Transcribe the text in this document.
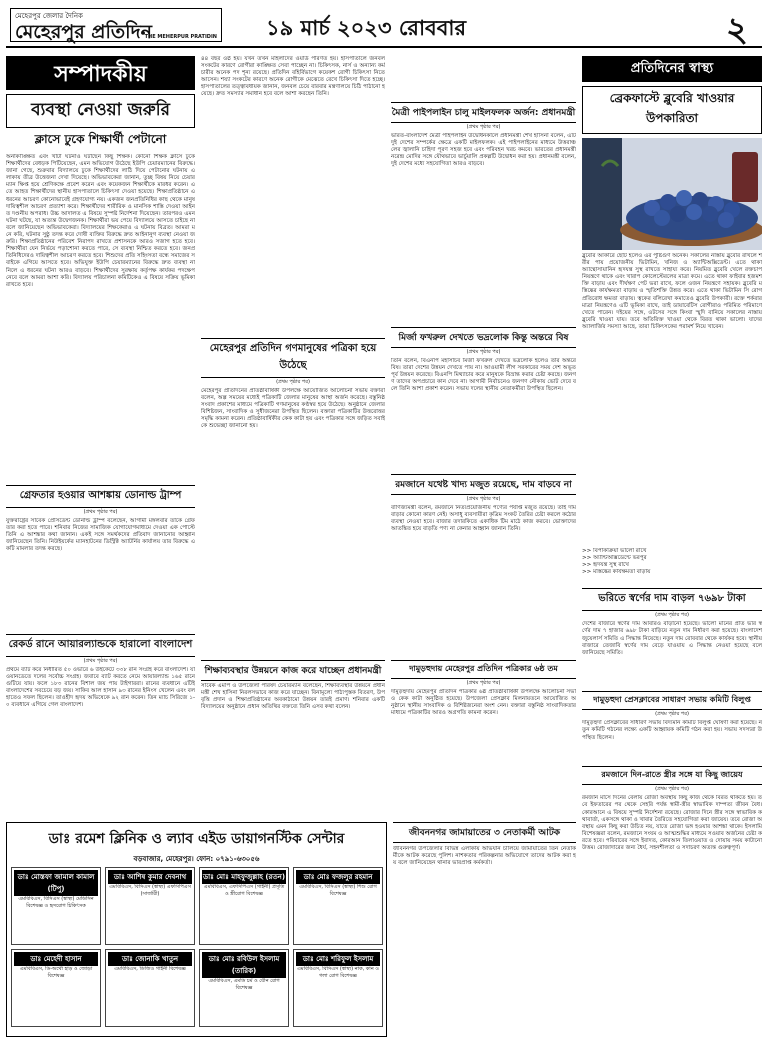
মেহেরপুর জেলার দৈনিক
মেহেরপুর প্রতিদিন
THE MEHERPUR PRATIDIN ১৯ মার্চ ২০২৩ রোববার	২
সম্পাদকীয়
ব্যবস্থা নেওয়া জরুরি
ক্লাসে ঢুকে শিক্ষার্থী পেটানো
অনাকাঙ্ক্ষিত এবং খাঁটা ঘটনাও ঘটাছেন কিছু শিক্ষক। কোনো শিক্ষক ক্লাসে ঢুকে শিক্ষার্থীদের বেধড়ক পিটিয়েছেন, এমন অভিযোগ উঠেছে ইউপি চেয়ারম্যানের বিরুদ্ধে। জানা গেছে, শুক্রবার বিদ্যালয়ে ঢুকে শিক্ষার্থীদের লাঠি দিয়ে পেটানোর ঘটনায় এলাকায় তীব্র উত্তেজনা দেখা দিয়েছে। অভিভাবকেরা জানান, তুচ্ছ বিষয় নিয়ে চেয়ারম্যান ক্ষিপ্ত হয়ে শ্রেণিকক্ষে প্রবেশ করেন এবং কয়েকজন শিক্ষার্থীকে মারধর করেন। এতে আহত শিক্ষার্থীদের স্থানীয় হাসপাতালে চিকিৎসা দেওয়া হয়েছে। শিক্ষাপ্রতিষ্ঠানে এ ধরনের আচরণ কোনোভাবেই গ্রহণযোগ্য নয়। একজন জনপ্রতিনিধির কাছ থেকে মানুষ দায়িত্বশীল আচরণ প্রত্যাশা করে। শিক্ষার্থীদের শারীরিক ও মানসিক শাস্তি দেওয়া আইনত দণ্ডনীয় অপরাধ। উচ্চ আদালত এ বিষয়ে সুস্পষ্ট নির্দেশনা দিয়েছেন। তারপরও এমন ঘটনা ঘটছে, যা অত্যন্ত উদ্বেগজনক। শিক্ষার্থীরা ভয় পেয়ে বিদ্যালয়ে আসতে চাইছে না বলে জানিয়েছেন অভিভাবকেরা। বিদ্যালয়ের শিক্ষকেরাও এ ঘটনায় বিব্রত। আমরা মনে করি, ঘটনার সুষ্ঠু তদন্ত করে দোষী ব্যক্তির বিরুদ্ধে দ্রুত আইনানুগ ব্যবস্থা নেওয়া জরুরি। শিক্ষাপ্রতিষ্ঠানের পরিবেশ নিরাপদ রাখতে প্রশাসনকে আরও সজাগ হতে হবে। শিক্ষার্থীরা যেন নির্ভয়ে পড়াশোনা করতে পারে, সে ব্যবস্থা নিশ্চিত করতে হবে। জনপ্রতিনিধিদেরও দায়িত্বশীল আচরণ করতে হবে। শিশুদের প্রতি সহিংসতা বন্ধে সমাজের সবাইকে এগিয়ে আসতে হবে। অভিযুক্ত ইউপি চেয়ারম্যানের বিরুদ্ধে দ্রুত ব্যবস্থা না নিলে এ ধরনের ঘটনা আরও বাড়বে। শিক্ষার্থীদের সুরক্ষায় কর্তৃপক্ষ কার্যকর পদক্ষেপ নেবে বলে আমরা আশা করি। বিদ্যালয় পরিচালনা কমিটিকেও এ বিষয়ে সক্রিয় ভূমিকা রাখতে হবে।
গ্রেফতার হওয়ার আশঙ্কায় ডোনাল্ড ট্রাম্প
(প্রথম পৃষ্ঠার পর)
যুক্তরাষ্ট্রের সাবেক প্রেসিডেন্ট ডোনাল্ড ট্রাম্প বলেছেন, আগামী মঙ্গলবার তাকে গ্রেফতার করা হতে পারে। শনিবার নিজের সামাজিক যোগাযোগমাধ্যমে দেওয়া এক পোস্টে তিনি এ আশঙ্কার কথা জানান। একই সঙ্গে সমর্থকদের প্রতিবাদ জানানোর আহ্বান জানিয়েছেন তিনি। নিউইয়র্কের ম্যানহাটনের ডিস্ট্রিক্ট অ্যাটর্নির কার্যালয় তার বিরুদ্ধে একটি মামলার তদন্ত করছে।
রেকর্ড রানে আয়ারল্যান্ডকে হারালো বাংলাদেশ
(প্রথম পৃষ্ঠার পর)
প্রথমে ব্যাট করে নির্ধারিত ৫০ ওভারে ৬ উইকেটে ৩৩৮ রান সংগ্রহ করে বাংলাদেশ। যা ওয়ানডেতে দলের সর্বোচ্চ সংগ্রহ। জবাবে ব্যাট করতে নেমে আয়ারল্যান্ড ১৬৫ রানে গুটিয়ে যায়। ফলে ১৮৩ রানের বিশাল জয় পায় টাইগাররা। রানের ব্যবধানে এটিই বাংলাদেশের সবচেয়ে বড় জয়। সাকিব আল হাসান ৯৩ রানের ইনিংস খেলেন এবং বল হাতেও সফল ছিলেন। তাওহীদ হৃদয় অভিষেকে ৯২ রান করেন। তিন ম্যাচ সিরিজে ১-০ ব্যবধানে এগিয়ে গেল বাংলাদেশ।
৪৪ বছর ওষ্ঠ হয়। যখন তখন মহিলাদের ওয়ার্ড পরিণত হয়। হাসপাতালে জনবল সংকটের কারণে রোগীরা কাঙ্ক্ষিত সেবা পাচ্ছেন না। চিকিৎসক, নার্স ও অন্যান্য কর্মচারীর অনেক পদ শূন্য রয়েছে। প্রতিদিন বহির্বিভাগে কয়েকশ রোগী চিকিৎসা নিতে আসেন। শয্যা সংকটের কারণে অনেক রোগীকে মেঝেতে রেখে চিকিৎসা দিতে হচ্ছে। হাসপাতালের তত্ত্বাবধায়ক জানান, জনবল চেয়ে বারবার মন্ত্রণালয়ে চিঠি পাঠানো হয়েছে। দ্রুত সমস্যার সমাধান হবে বলে আশা করছেন তিনি।
মেহেরপুর প্রতিদিন গণমানুষের পত্রিকা হয়ে উঠেছে
(প্রথম পৃষ্ঠার পর)
মেহেরপুর প্রতিদিনের প্রতিষ্ঠাবার্ষিকী উপলক্ষে আয়োজিত আলোচনা সভায় বক্তারা বলেন, অল্প সময়ের মধ্যেই পত্রিকাটি জেলার মানুষের আস্থা অর্জন করেছে। বস্তুনিষ্ঠ সংবাদ প্রকাশের মাধ্যমে পত্রিকাটি গণমানুষের কণ্ঠস্বর হয়ে উঠেছে। অনুষ্ঠানে জেলার বিশিষ্টজন, সাংবাদিক ও সুধীজনেরা উপস্থিত ছিলেন। বক্তারা পত্রিকাটির উত্তরোত্তর সমৃদ্ধি কামনা করেন। প্রতিষ্ঠাবার্ষিকীর কেক কাটা হয় এবং পত্রিকার সঙ্গে জড়িত সবাইকে শুভেচ্ছা জানানো হয়।
মৈত্রী পাইপলাইন চালু মাইলফলক অর্জন: প্রধানমন্ত্রী
(প্রথম পৃষ্ঠার পর)
ভারত-বাংলাদেশ মৈত্রী পাইপলাইন উদ্বোধনকালে প্রধানমন্ত্রী শেখ হাসিনা বলেন, এটি দুই দেশের সম্পর্কের ক্ষেত্রে একটি মাইলফলক। এই পাইপলাইনের মাধ্যমে উত্তরাঞ্চলের জ্বালানি চাহিদা পূরণ সহজ হবে এবং পরিবহন খরচ কমবে। ভারতের প্রধানমন্ত্রী নরেন্দ্র মোদির সঙ্গে যৌথভাবে ভার্চুয়ালি প্রকল্পটি উদ্বোধন করা হয়। প্রধানমন্ত্রী বলেন, দুই দেশের মধ্যে সহযোগিতা আরও বাড়বে।
মির্জা ফখরুল দেখতে ভদ্রলোক কিন্তু অন্তরে বিষ
(প্রথম পৃষ্ঠার পর)
তিনি বলেন, বিএনপি মহাসচিব মির্জা ফখরুল দেখতে ভদ্রলোক হলেও তার অন্তরে বিষ। তারা দেশের উন্নয়ন দেখতে পায় না। আওয়ামী লীগ সরকারের সময় দেশ অভূতপূর্ব উন্নয়ন করেছে। বিএনপি মিথ্যাচার করে মানুষকে বিভ্রান্ত করার চেষ্টা করছে। জনগণ তাদের অপপ্রচারে কান দেবে না। আগামী নির্বাচনেও জনগণ নৌকায় ভোট দেবে বলে তিনি আশা প্রকাশ করেন। সভায় দলের স্থানীয় নেতাকর্মীরা উপস্থিত ছিলেন।
রমজানে যথেষ্ট খাদ্য মজুত রয়েছে, দাম বাড়বে না
(প্রথম পৃষ্ঠার পর)
বাণিজ্যমন্ত্রী বলেন, রমজানে নিত্যপ্রয়োজনীয় পণ্যের পর্যাপ্ত মজুত রয়েছে। তাই দাম বাড়ার কোনো কারণ নেই। অসাধু ব্যবসায়ীরা কৃত্রিম সংকট তৈরির চেষ্টা করলে কঠোর ব্যবস্থা নেওয়া হবে। বাজার তদারকিতে একাধিক টিম মাঠে কাজ করবে। ভোক্তাদের আতঙ্কিত হয়ে বাড়তি পণ্য না কেনার আহ্বান জানান তিনি।
শিক্ষাব্যবস্থার উন্নয়নে কাজ করে যাচ্ছেন প্রধানমন্ত্রী
সাবেক এমপি ও উপজেলা পরিষদ চেয়ারম্যান বলেছেন, শিক্ষাব্যবস্থার উন্নয়নে প্রধানমন্ত্রী শেখ হাসিনা নিরলসভাবে কাজ করে যাচ্ছেন। বিনামূল্যে পাঠ্যপুস্তক বিতরণ, উপবৃত্তি প্রদান ও শিক্ষাপ্রতিষ্ঠানের অবকাঠামো উন্নয়ন তারই প্রমাণ। শনিবার একটি বিদ্যালয়ের অনুষ্ঠানে প্রধান অতিথির বক্তব্যে তিনি এসব কথা বলেন।
দামুড়হুদায় মেহেরপুর প্রতিদিন পত্রিকার ৬ষ্ঠ তম
(প্রথম পৃষ্ঠার পর)
দামুড়হুদায় মেহেরপুর প্রতিদিন পত্রিকার ৬ষ্ঠ প্রতিষ্ঠাবার্ষিকী উপলক্ষে আলোচনা সভা ও কেক কাটা অনুষ্ঠিত হয়েছে। উপজেলা প্রেসক্লাব মিলনায়তনে আয়োজিত অনুষ্ঠানে স্থানীয় সাংবাদিক ও বিশিষ্টজনেরা অংশ নেন। বক্তারা বস্তুনিষ্ঠ সাংবাদিকতার মাধ্যমে পত্রিকাটির আরও অগ্রগতি কামনা করেন।
প্রতিদিনের স্বাস্থ্য
ব্রেকফাস্টে ব্লুবেরি খাওয়ার উপকারিতা
ব্লুবেরি আকারে ছোট হলেও এর পুষ্টিগুণ অনেক। সকালের নাস্তায় ব্লুবেরি রাখলে শরীর পায় প্রয়োজনীয় ভিটামিন, খনিজ ও অ্যান্টিঅক্সিডেন্ট। এতে থাকা অ্যান্থোসায়ানিন হৃদযন্ত্র সুস্থ রাখতে সাহায্য করে। নিয়মিত ব্লুবেরি খেলে রক্তচাপ নিয়ন্ত্রণে থাকে এবং খারাপ কোলেস্টেরলের মাত্রা কমে। এতে থাকা ফাইবার হজমশক্তি বাড়ায় এবং দীর্ঘক্ষণ পেট ভরা রাখে, ফলে ওজন নিয়ন্ত্রণে সহায়ক। ব্লুবেরি মস্তিষ্কের কার্যক্ষমতা বাড়ায় ও স্মৃতিশক্তি উন্নত করে। এতে থাকা ভিটামিন সি রোগ প্রতিরোধ ক্ষমতা বাড়ায়। ত্বকের বলিরেখা কমাতেও ব্লুবেরি উপকারী। রক্তে শর্করার মাত্রা নিয়ন্ত্রণেও এটি ভূমিকা রাখে, তাই ডায়াবেটিস রোগীরাও পরিমিত পরিমাণে খেতে পারেন। দইয়ের সঙ্গে, ওটসের সঙ্গে কিংবা স্মুদি বানিয়ে সকালের নাস্তায় ব্লুবেরি খাওয়া যায়। তবে অতিরিক্ত খাওয়া থেকে বিরত থাকা ভালো। যাদের অ্যালার্জির সমস্যা আছে, তারা চিকিৎসকের পরামর্শ নিয়ে খাবেন।
>> বিপাকক্রিয়া ভালো রাখে
>> অ্যান্টিঅক্সিডেন্টে ভরপুর
>> হৃদযন্ত্র সুস্থ রাখে
>> মস্তিষ্কের কার্যক্ষমতা বাড়ায়
ভরিতে স্বর্ণের দাম বাড়ল ৭৬৯৮ টাকা
(প্রথম পৃষ্ঠার পর)
দেশের বাজারে স্বর্ণের দাম আবারও বাড়ানো হয়েছে। ভালো মানের প্রতি ভরি স্বর্ণের দাম ৭ হাজার ৬৯৮ টাকা বাড়িয়ে নতুন দাম নির্ধারণ করা হয়েছে। বাংলাদেশ জুয়েলার্স সমিতি এ সিদ্ধান্ত নিয়েছে। নতুন দাম রোববার থেকে কার্যকর হবে। স্থানীয় বাজারে তেজাবি স্বর্ণের দাম বেড়ে যাওয়ায় এ সিদ্ধান্ত নেওয়া হয়েছে বলে জানিয়েছে সমিতি।
দামুড়হুদা প্রেসক্লাবের সাধারণ সভায় কমিটি বিলুপ্ত
(প্রথম পৃষ্ঠার পর)
দামুড়হুদা প্রেসক্লাবের সাধারণ সভায় বিদ্যমান কমিটি বিলুপ্ত ঘোষণা করা হয়েছে। নতুন কমিটি গঠনের লক্ষ্যে একটি আহ্বায়ক কমিটি গঠন করা হয়। সভায় সদস্যরা উপস্থিত ছিলেন।
রমজানে দিন-রাতে স্ত্রীর সঙ্গে যা কিছু জায়েয
(প্রথম পৃষ্ঠার পর)
রমজান মাসে দিনের বেলায় রোজা অবস্থায় কিছু কাজ থেকে বিরত থাকতে হয়। তবে ইফতারের পর থেকে সেহরি পর্যন্ত স্বামী-স্ত্রীর স্বাভাবিক দাম্পত্য জীবন বৈধ। কোরআনে এ বিষয়ে সুস্পষ্ট নির্দেশনা রয়েছে। রোজার দিনে স্ত্রীর সঙ্গে স্বাভাবিক কথাবার্তা, একসঙ্গে থাকা ও খাবার তৈরিতে সহযোগিতা করা জায়েয। তবে রোজা অবস্থায় এমন কিছু করা উচিত নয়, যাতে রোজা ভঙ্গ হওয়ার আশঙ্কা থাকে। ইসলামি বিশেষজ্ঞরা বলেন, রমজানে সংযম ও আত্মশুদ্ধির মাধ্যমে সওয়াব অর্জনের চেষ্টা করতে হবে। পরিবারের সঙ্গে ইবাদত, কোরআন তিলাওয়াত ও দোয়ায় সময় কাটানো উত্তম। রোজাদারের জন্য ধৈর্য, সহনশীলতা ও সদাচরণ অত্যন্ত গুরুত্বপূর্ণ।
ডাঃ রমেশ ক্লিনিক ও ল্যাব এইড ডায়াগনস্টিক সেন্টার
বড়বাজার, মেহেরপুর। ফোন: ০৭৯১-৬৩০৫৬
ডাঃ মোস্তফা জামাল কামাল (টিপু)
এমবিবিএস, বিসিএস (স্বাস্থ্য) মেডিসিন বিশেষজ্ঞ ও হৃদরোগ চিকিৎসক
ডাঃ আশিষ কুমার দেবনাথ
এমবিবিএস, বিসিএস (স্বাস্থ্য) এফসিপিএস (সার্জারী)
ডাঃ মোঃ মাহফুজুল্লাহ (রতন)
এমবিবিএস, এফসিপিএস (গাইনী) প্রসূতি ও স্ত্রীরোগ বিশেষজ্ঞ
ডাঃ মোঃ ফজলুর রহমান
এমবিবিএস, বিসিএস (স্বাস্থ্য) শিশু রোগ বিশেষজ্ঞ
ডাঃ মেহেদী হাসান
এমবিবিএস, ডি-অর্থো হাড় ও জোড়া বিশেষজ্ঞ
ডাঃ জোনাকি খাতুন
এমবিবিএস, ডিজিও গাইনী বিশেষজ্ঞ
ডাঃ মোঃ রবিউল ইসলাম (তারিক)
এমবিবিএস, এমডি চর্ম ও যৌন রোগ বিশেষজ্ঞ
ডাঃ মোঃ শরিফুল ইসলাম
এমবিবিএস, বিসিএস (স্বাস্থ্য) নাক, কান ও গলা রোগ বিশেষজ্ঞ
জীবননগর জামায়াতের ৩ নেতাকর্মী আটক
জীবননগর উপজেলার বিভিন্ন এলাকায় অভিযান চালিয়ে জামায়াতের তিন নেতাকর্মীকে আটক করেছে পুলিশ। নাশকতার পরিকল্পনার অভিযোগে তাদের আটক করা হয় বলে জানিয়েছেন থানার ভারপ্রাপ্ত কর্মকর্তা।
